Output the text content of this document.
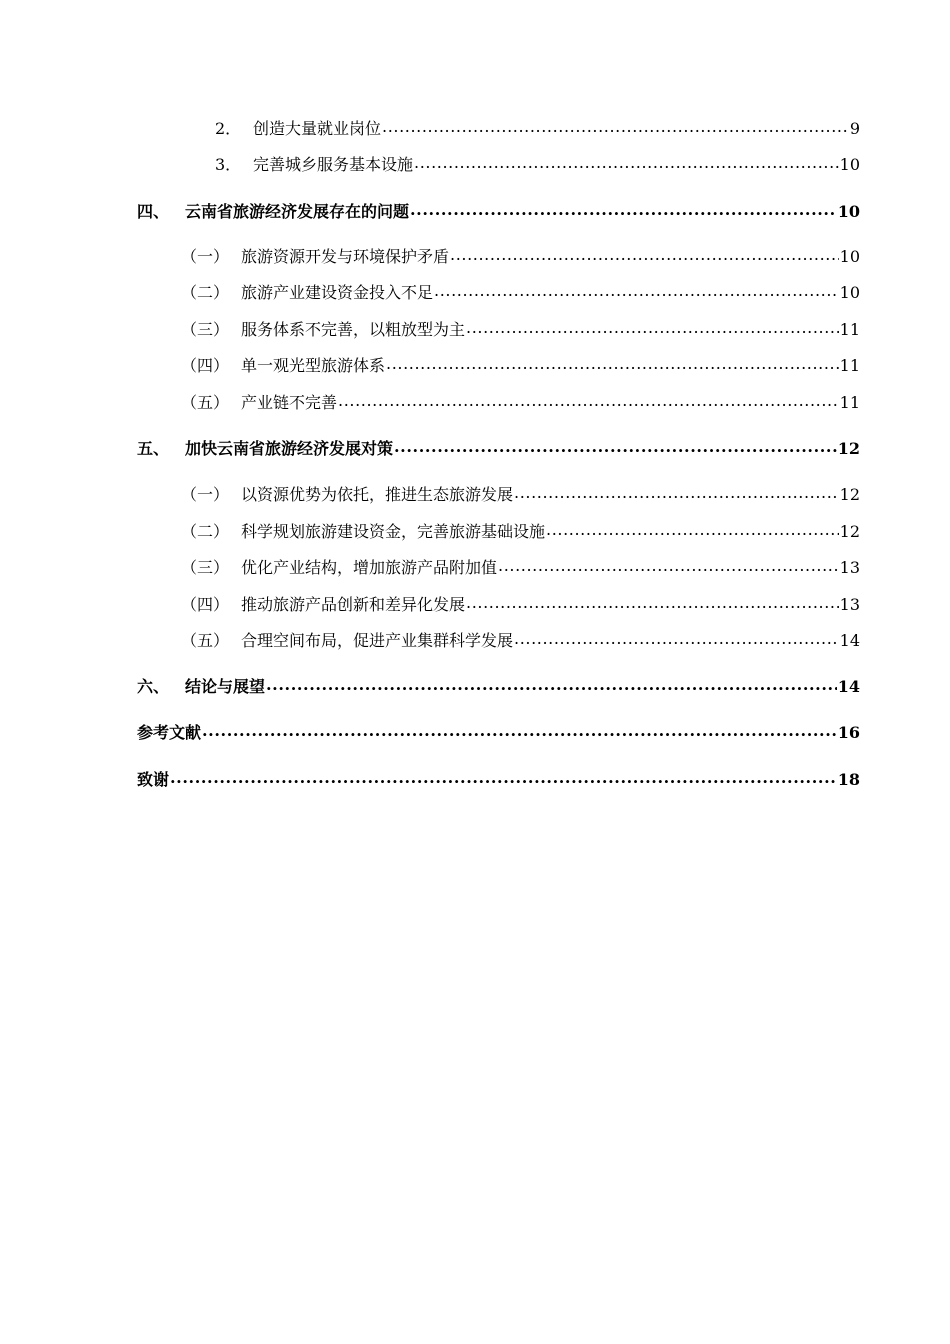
2． 创造大量就业岗位 .....	9
3． 完善城乡服务基本设施 .....	10
四、 云南省旅游经济发展存在的问题 .....	10
（一） 旅游资源开发与环境保护矛盾 .....	10
（二） 旅游产业建设资金投入不足 .....	10
（三） 服务体系不完善，以粗放型为主 .....	11
（四） 单一观光型旅游体系 .....	11
（五） 产业链不完善 .....	11
五、 加快云南省旅游经济发展对策 .....	12
（一） 以资源优势为依托，推进生态旅游发展 .....	12
（二） 科学规划旅游建设资金，完善旅游基础设施 .....	12
（三） 优化产业结构，增加旅游产品附加值 .....	13
（四） 推动旅游产品创新和差异化发展 .....	13
（五） 合理空间布局，促进产业集群科学发展 .....	14
六、 结论与展望 .....	14
参考文献 .....	16
致谢 .....	18
